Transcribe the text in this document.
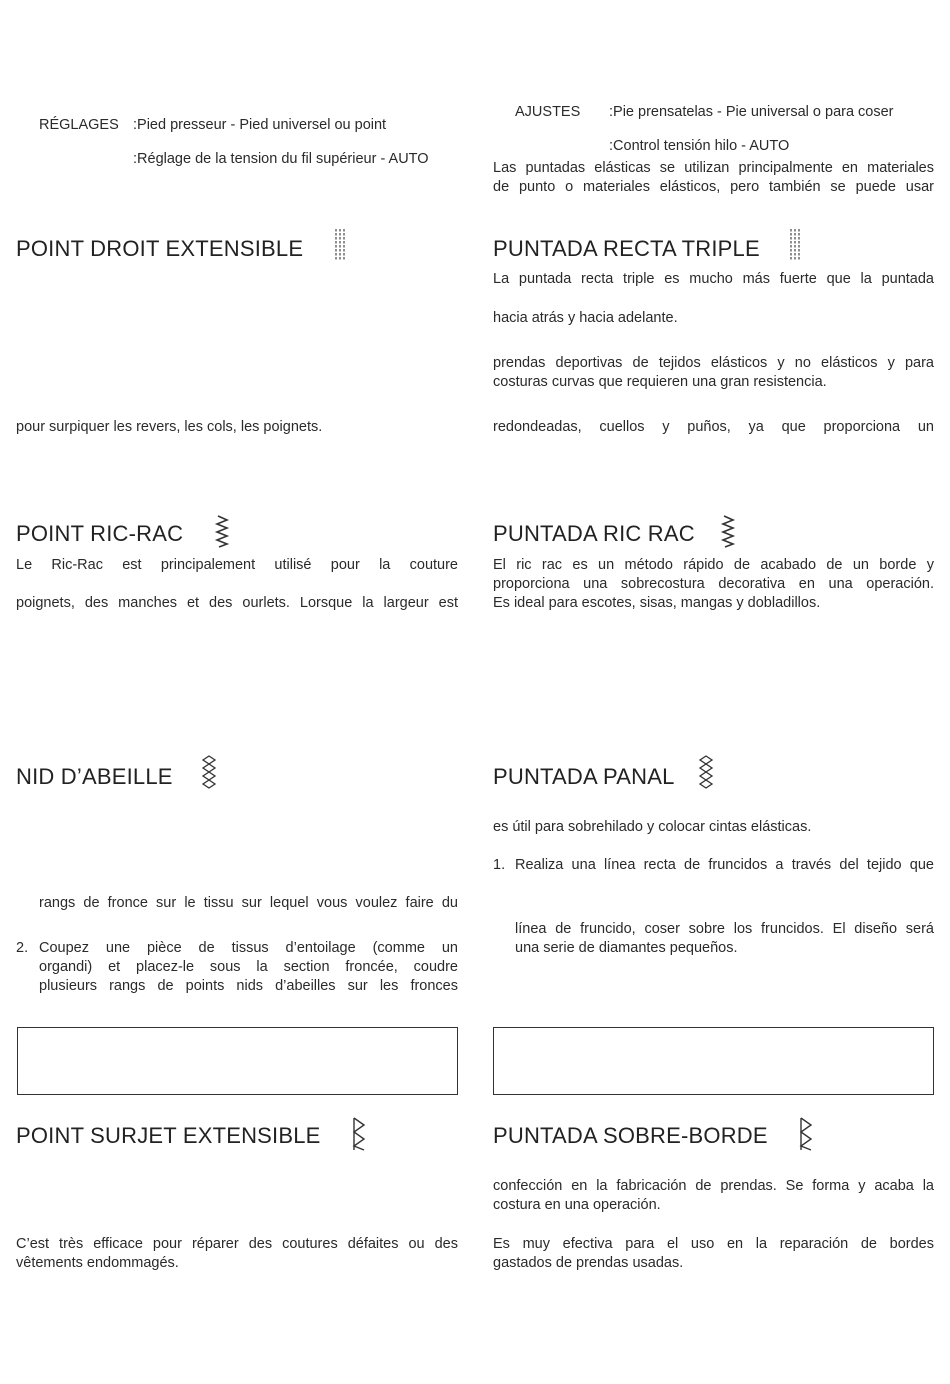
RÉGLAGES :Pied presseur - Pied universel ou point
:Réglage de la tension du fil supérieur - AUTO
POINT DROIT EXTENSIBLE
pour surpiquer les revers, les cols, les poignets.
POINT RIC-RAC
Le Ric-Rac est principalement utilisé pour la couture
poignets, des manches et des ourlets. Lorsque la largeur est
NID D’ABEILLE
rangs de fronce sur le tissu sur lequel vous voulez faire du
2. Coupez une pièce de tissus d’entoilage (comme un
organdi) et placez-le sous la section froncée, coudre
plusieurs rangs de points nids d’abeilles sur les fronces
POINT SURJET EXTENSIBLE
C’est très efficace pour réparer des coutures défaites ou des
vêtements endommagés.
AJUSTES :Pie prensatelas - Pie universal o para coser
:Control tensión hilo - AUTO
Las puntadas elásticas se utilizan principalmente en materiales
de punto o materiales elásticos, pero también se puede usar
PUNTADA RECTA TRIPLE
La puntada recta triple es mucho más fuerte que la puntada
hacia atrás y hacia adelante.
prendas deportivas de tejidos elásticos y no elásticos y para
costuras curvas que requieren una gran resistencia.
redondeadas, cuellos y puños, ya que proporciona un
PUNTADA RIC RAC
El ric rac es un método rápido de acabado de un borde y
proporciona una sobrecostura decorativa en una operación.
Es ideal para escotes, sisas, mangas y dobladillos.
PUNTADA PANAL
es útil para sobrehilado y colocar cintas elásticas.
1. Realiza una línea recta de fruncidos a través del tejido que
línea de fruncido, coser sobre los fruncidos. El diseño será
una serie de diamantes pequeños.
PUNTADA SOBRE-BORDE
confección en la fabricación de prendas. Se forma y acaba la
costura en una operación.
Es muy efectiva para el uso en la reparación de bordes
gastados de prendas usadas.
